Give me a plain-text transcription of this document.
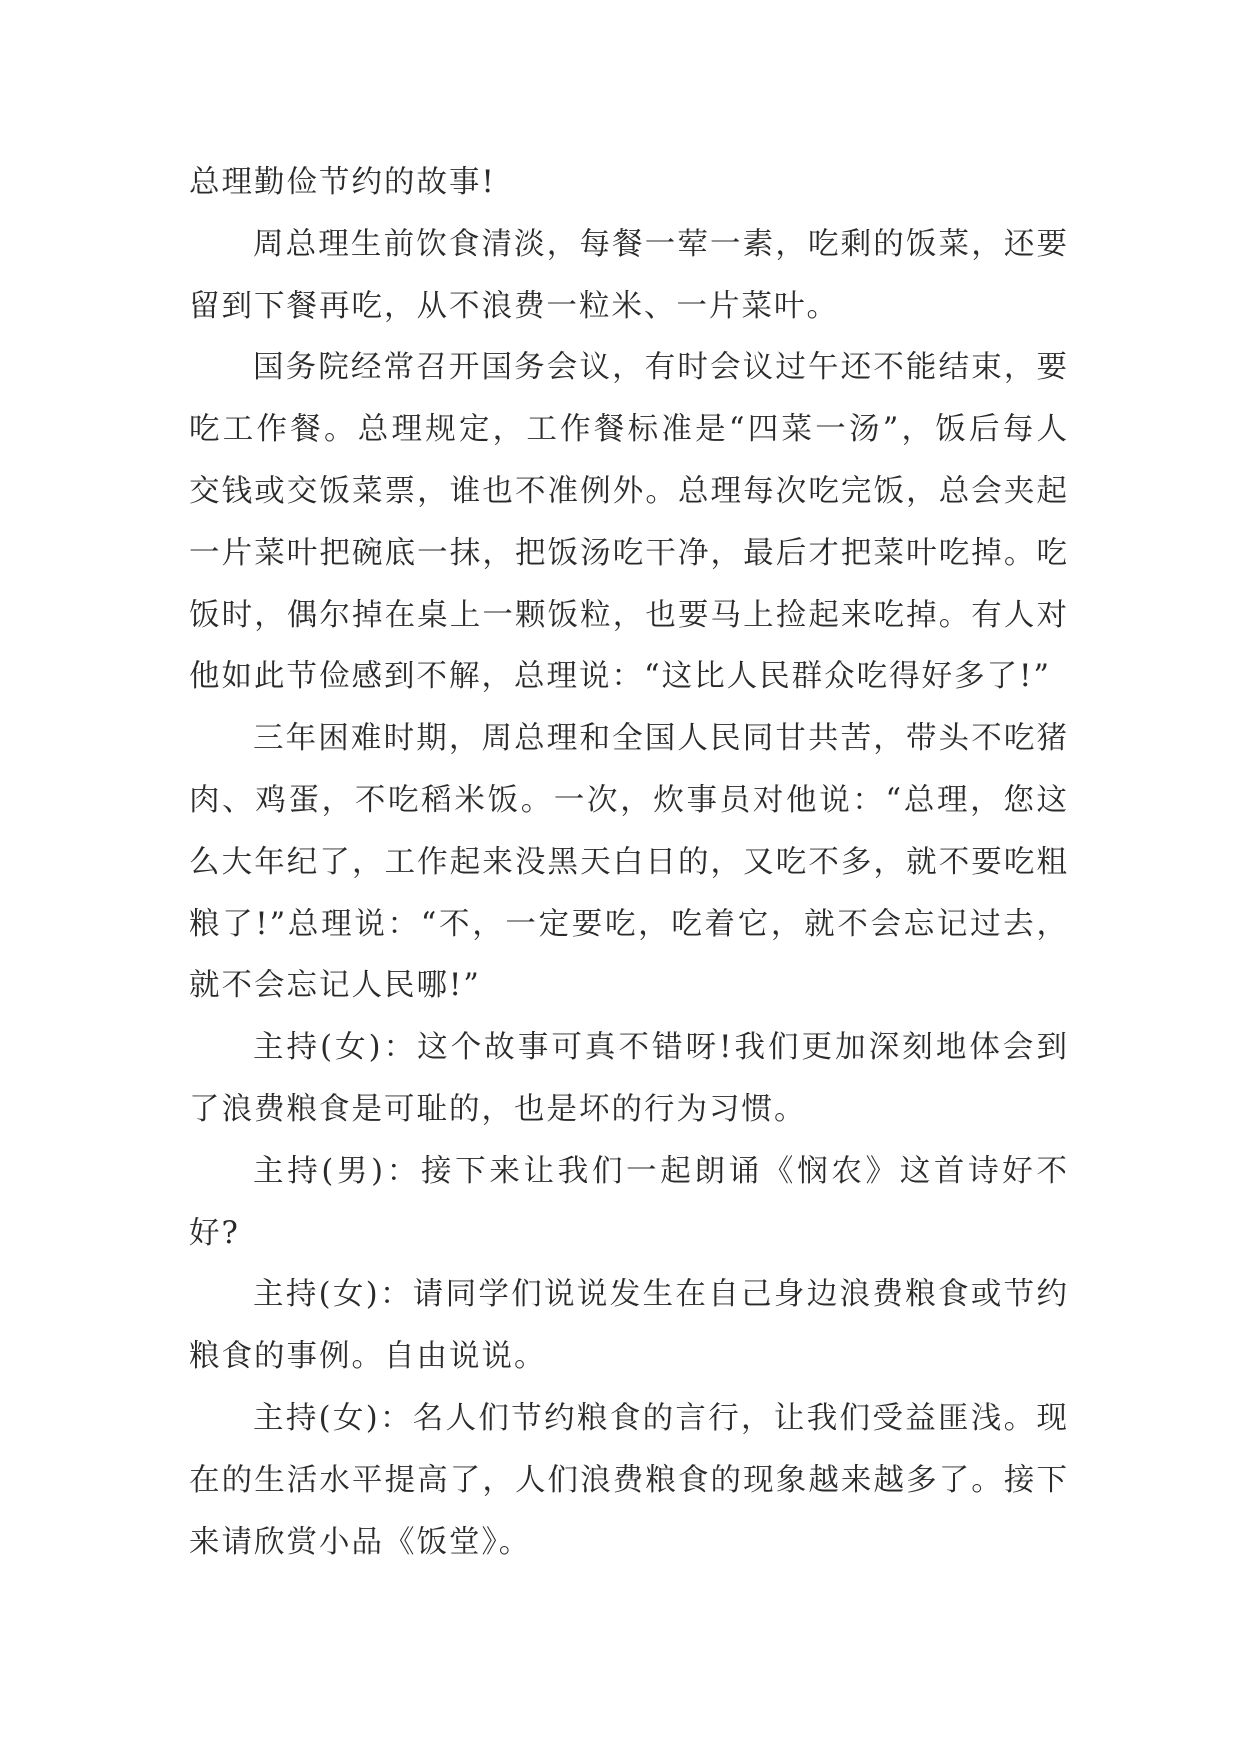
总理勤俭节约的故事!

周总理生前饮食清淡，每餐一荤一素，吃剩的饭菜，还要留到下餐再吃，从不浪费一粒米、一片菜叶。

国务院经常召开国务会议，有时会议过午还不能结束，要吃工作餐。总理规定，工作餐标准是“四菜一汤”，饭后每人交钱或交饭菜票，谁也不准例外。总理每次吃完饭，总会夹起一片菜叶把碗底一抹，把饭汤吃干净，最后才把菜叶吃掉。吃饭时，偶尔掉在桌上一颗饭粒，也要马上捡起来吃掉。有人对他如此节俭感到不解，总理说：“这比人民群众吃得好多了!”

三年困难时期，周总理和全国人民同甘共苦，带头不吃猪肉、鸡蛋，不吃稻米饭。一次，炊事员对他说：“总理，您这么大年纪了，工作起来没黑天白日的，又吃不多，就不要吃粗粮了!”总理说：“不，一定要吃，吃着它，就不会忘记过去，就不会忘记人民哪!”

主持(女)：这个故事可真不错呀!我们更加深刻地体会到了浪费粮食是可耻的，也是坏的行为习惯。

主持(男)：接下来让我们一起朗诵《悯农》这首诗好不好?

主持(女)：请同学们说说发生在自己身边浪费粮食或节约粮食的事例。自由说说。

主持(女)：名人们节约粮食的言行，让我们受益匪浅。现在的生活水平提高了，人们浪费粮食的现象越来越多了。接下来请欣赏小品《饭堂》。
